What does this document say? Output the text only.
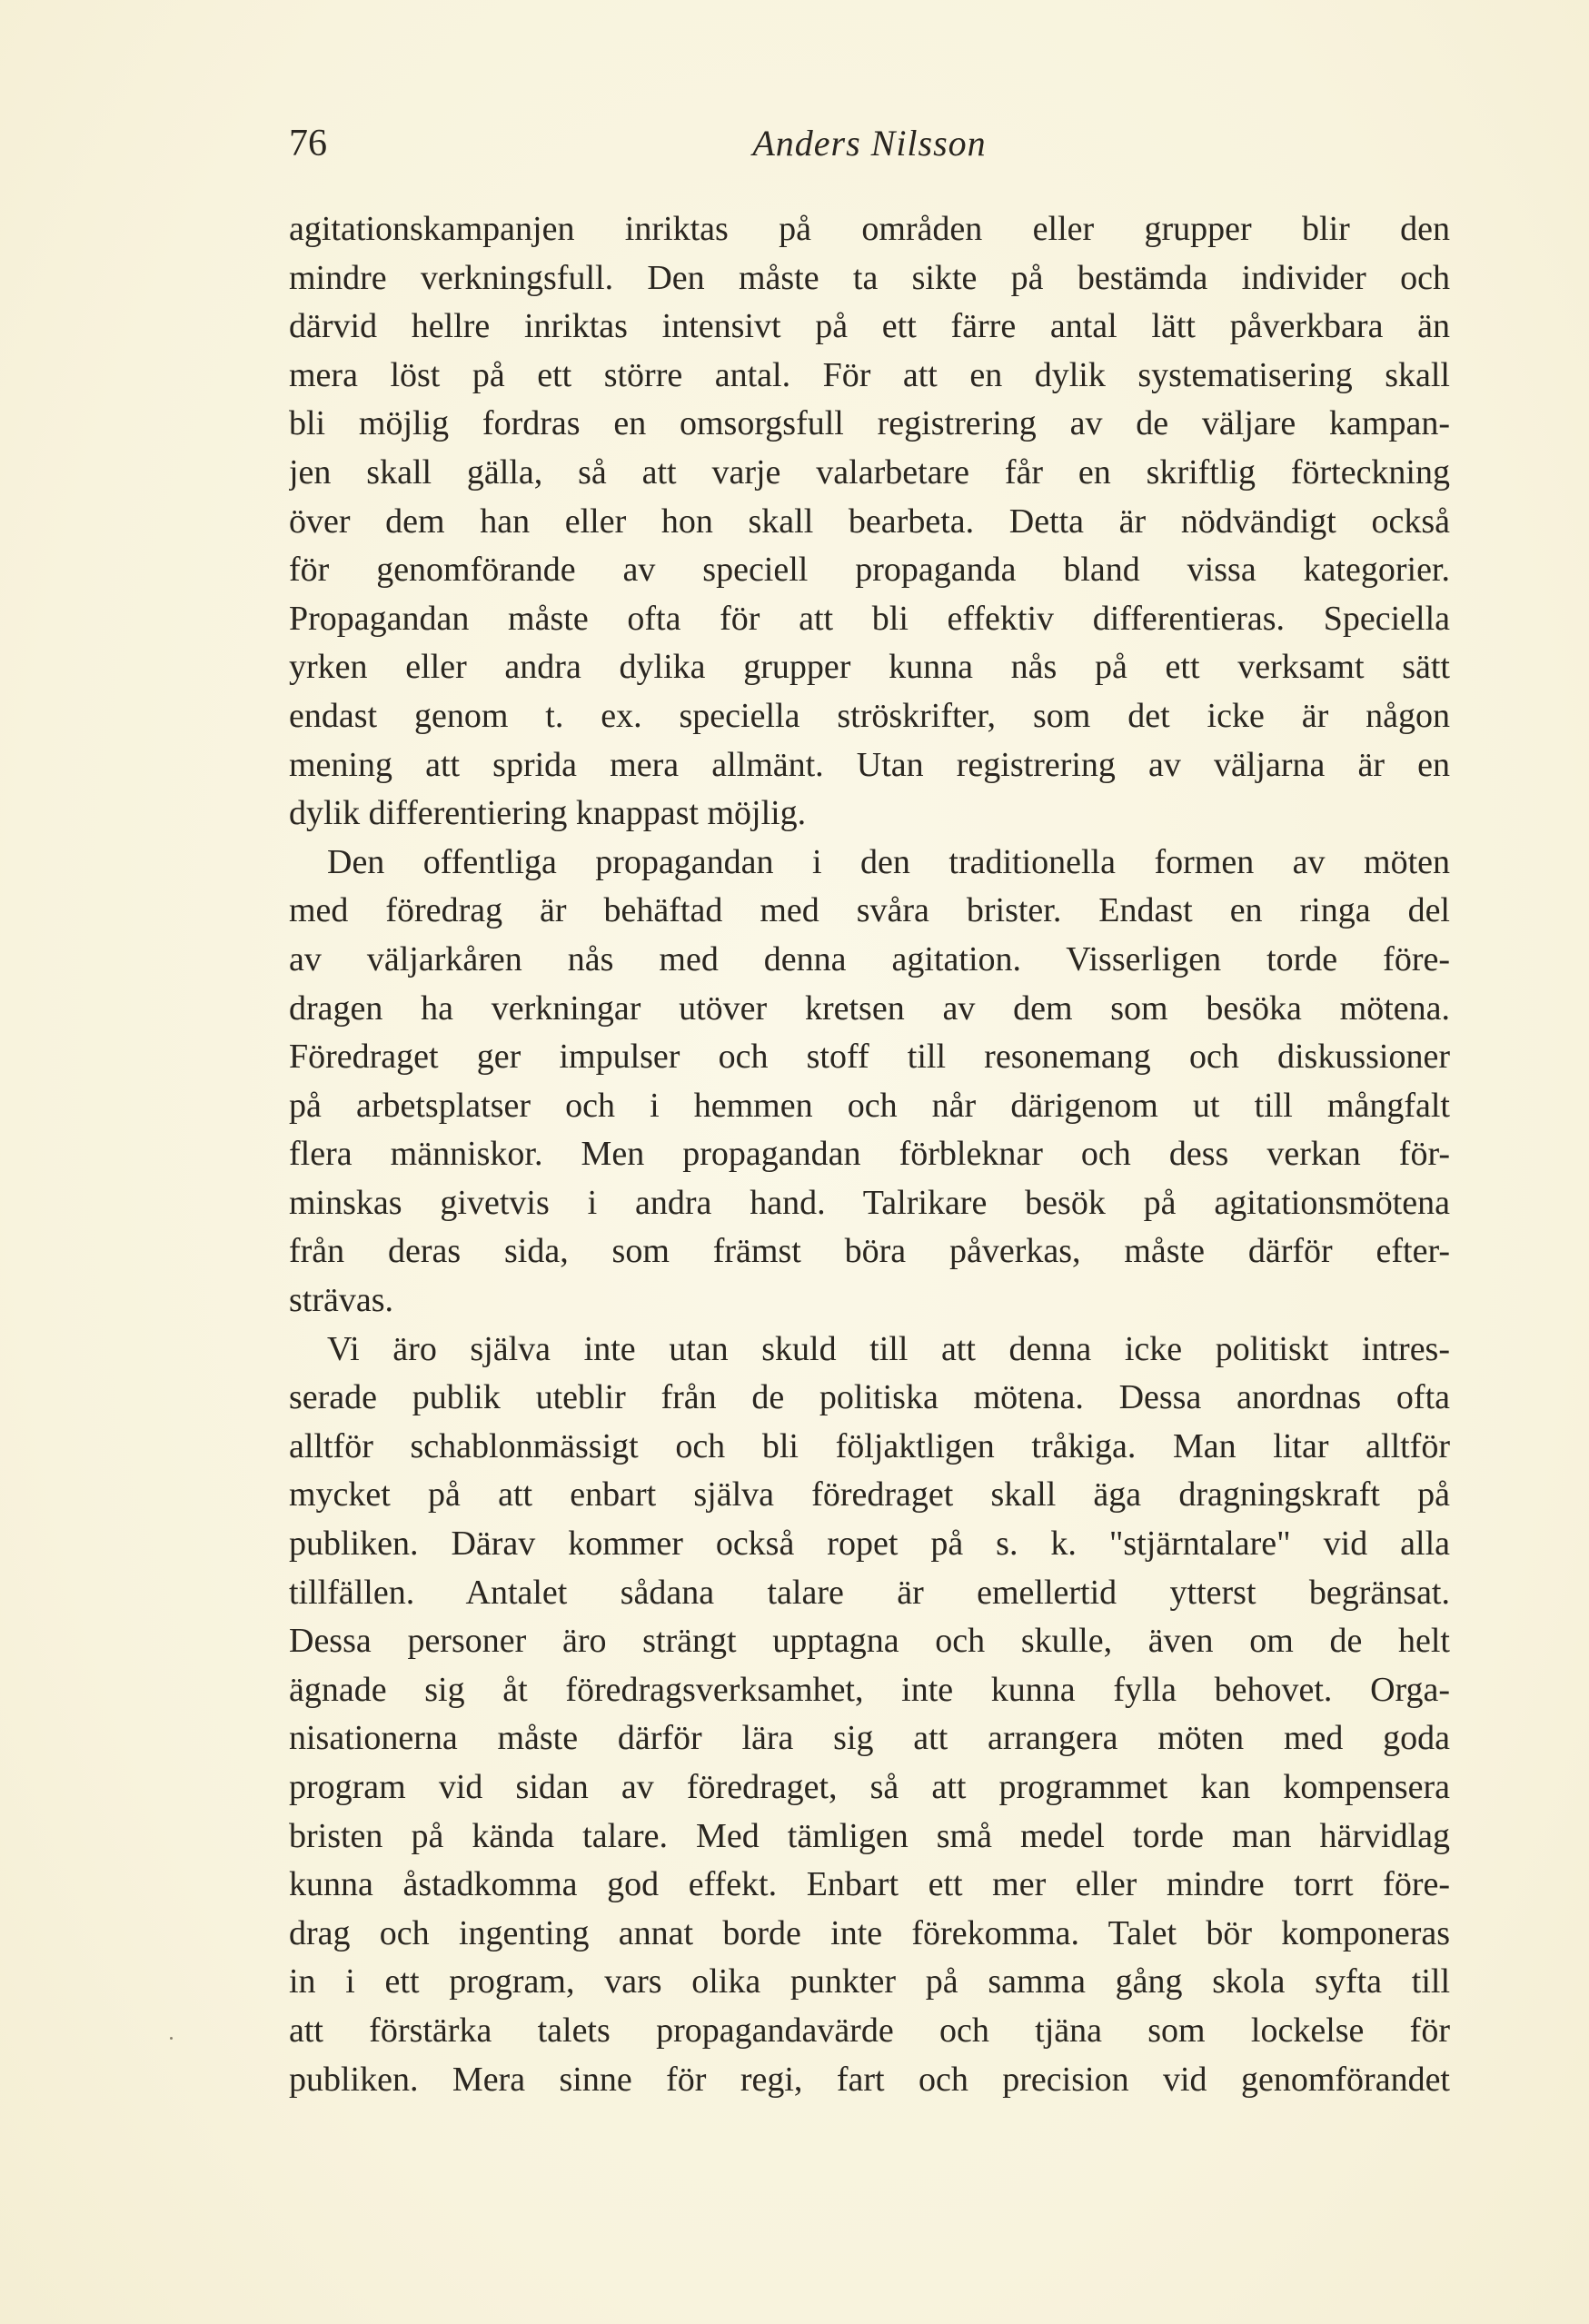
76	Anders Nilsson
agitationskampanjen inriktas på områden eller grupper blir den
mindre verkningsfull. Den måste ta sikte på bestämda individer och
därvid hellre inriktas intensivt på ett färre antal lätt påverkbara än
mera löst på ett större antal. För att en dylik systematisering skall
bli möjlig fordras en omsorgsfull registrering av de väljare kampan-
jen skall gälla, så att varje valarbetare får en skriftlig förteckning
över dem han eller hon skall bearbeta. Detta är nödvändigt också
för genomförande av speciell propaganda bland vissa kategorier.
Propagandan måste ofta för att bli effektiv differentieras. Speciella
yrken eller andra dylika grupper kunna nås på ett verksamt sätt
endast genom t. ex. speciella ströskrifter, som det icke är någon
mening att sprida mera allmänt. Utan registrering av väljarna är en
dylik differentiering knappast möjlig.
Den offentliga propagandan i den traditionella formen av möten
med föredrag är behäftad med svåra brister. Endast en ringa del
av väljarkåren nås med denna agitation. Visserligen torde före-
dragen ha verkningar utöver kretsen av dem som besöka mötena.
Föredraget ger impulser och stoff till resonemang och diskussioner
på arbetsplatser och i hemmen och når därigenom ut till mångfalt
flera människor. Men propagandan förbleknar och dess verkan för-
minskas givetvis i andra hand. Talrikare besök på agitationsmötena
från deras sida, som främst böra påverkas, måste därför efter-
strävas.
Vi äro själva inte utan skuld till att denna icke politiskt intres-
serade publik uteblir från de politiska mötena. Dessa anordnas ofta
alltför schablonmässigt och bli följaktligen tråkiga. Man litar alltför
mycket på att enbart själva föredraget skall äga dragningskraft på
publiken. Därav kommer också ropet på s. k. "stjärntalare" vid alla
tillfällen. Antalet sådana talare är emellertid ytterst begränsat.
Dessa personer äro strängt upptagna och skulle, även om de helt
ägnade sig åt föredragsverksamhet, inte kunna fylla behovet. Orga-
nisationerna måste därför lära sig att arrangera möten med goda
program vid sidan av föredraget, så att programmet kan kompensera
bristen på kända talare. Med tämligen små medel torde man härvidlag
kunna åstadkomma god effekt. Enbart ett mer eller mindre torrt före-
drag och ingenting annat borde inte förekomma. Talet bör komponeras
in i ett program, vars olika punkter på samma gång skola syfta till
att förstärka talets propagandavärde och tjäna som lockelse för
publiken. Mera sinne för regi, fart och precision vid genomförandet
